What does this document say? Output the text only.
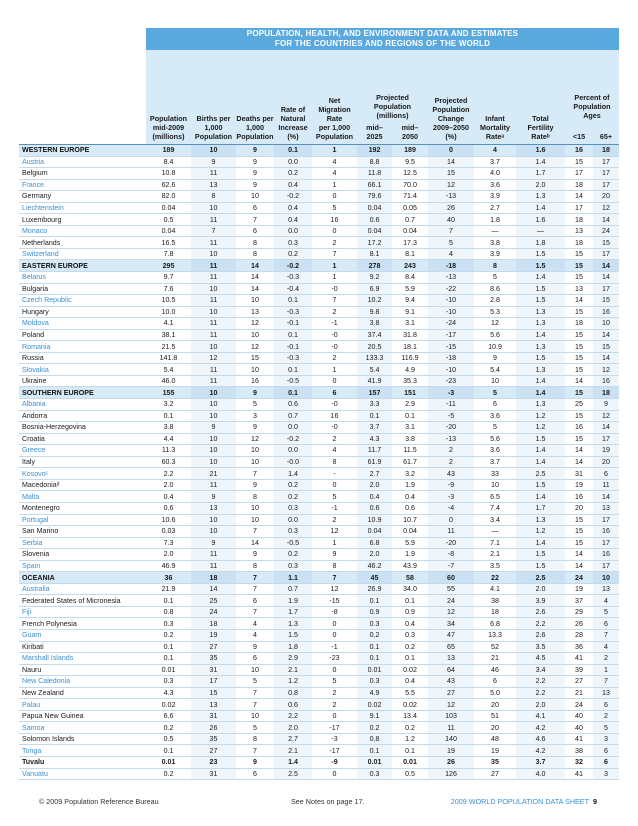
POPULATION, HEALTH, AND ENVIRONMENT DATA AND ESTIMATES
FOR THE COUNTRIES AND REGIONS OF THE WORLD
Population
mid-2009
(millions)
Births per
1,000
Population
Deaths per
1,000
Population
Rate of
Natural
Increase
(%)
Net
Migration
Rate
per 1,000
Population
Projected
Population
(millions)
mid–
2025
mid–
2050
Projected
Population
Change
2009–2050
(%)
Infant
Mortality
Rateᵃ
Total
Fertility
Rateᵇ
Percent of
Population
Ages
<15	65+
WESTERN EUROPE	189	10	9	0.1	1	192	189	0	4	1.6	16	18
Austria	8.4	9	9	0.0	4	8.8	9.5	14	3.7	1.4	15	17
Belgium	10.8	11	9	0.2	4	11.8	12.5	15	4.0	1.7	17	17
France	62.6	13	9	0.4	1	66.1	70.0	12	3.6	2.0	18	17
Germany	82.0	8	10	-0.2	0	79.6	71.4	-13	3.9	1.3	14	20
Liechtenstein	0.04	10	6	0.4	5	0.04	0.05	26	2.7	1.4	17	12
Luxembourg	0.5	11	7	0.4	16	0.6	0.7	40	1.8	1.6	18	14
Monaco	0.04	7	6	0.0	0	0.04	0.04	7	—	—	13	24
Netherlands	16.5	11	8	0.3	2	17.2	17.3	5	3.8	1.8	18	15
Switzerland	7.8	10	8	0.2	7	8.1	8.1	4	3.9	1.5	15	17
EASTERN EUROPE	295	11	14	-0.2	1	278	243	-18	8	1.5	15	14
Belarus	9.7	11	14	-0.3	1	9.2	8.4	-13	5	1.4	15	14
Bulgaria	7.6	10	14	-0.4	-0	6.9	5.9	-22	8.6	1.5	13	17
Czech Republic	10.5	11	10	0.1	7	10.2	9.4	-10	2.8	1.5	14	15
Hungary	10.0	10	13	-0.3	2	9.8	9.1	-10	5.3	1.3	15	16
Moldova	4.1	11	12	-0.1	-1	3.8	3.1	-24	12	1.3	18	10
Poland	38.1	11	10	0.1	-0	37.4	31.8	-17	5.6	1.4	15	14
Romania	21.5	10	12	-0.1	-0	20.5	18.1	-15	10.9	1.3	15	15
Russia	141.8	12	15	-0.3	2	133.3	116.9	-18	9	1.5	15	14
Slovakia	5.4	11	10	0.1	1	5.4	4.9	-10	5.4	1.3	15	12
Ukraine	46.0	11	16	-0.5	0	41.9	35.3	-23	10	1.4	14	16
SOUTHERN EUROPE	155	10	9	0.1	6	157	151	-3	5	1.4	15	18
Albania	3.2	10	5	0.6	-0	3.3	2.9	-11	6	1.3	25	9
Andorra	0.1	10	3	0.7	16	0.1	0.1	-5	3.6	1.2	15	12
Bosnia-Herzegovina	3.8	9	9	0.0	-0	3.7	3.1	-20	5	1.2	16	14
Croatia	4.4	10	12	-0.2	2	4.3	3.8	-13	5.6	1.5	15	17
Greece	11.3	10	10	0.0	4	11.7	11.5	2	3.6	1.4	14	19
Italy	60.3	10	10	-0.0	8	61.9	61.7	2	3.7	1.4	14	20
Kosovoᶜ	2.2	21	7	1.4	-	2.7	3.2	43	33	2.5	31	6
Macedoniaᵈ	2.0	11	9	0.2	0	2.0	1.9	-9	10	1.5	19	11
Malta	0.4	9	8	0.2	5	0.4	0.4	-3	6.5	1.4	16	14
Montenegro	0.6	13	10	0.3	-1	0.6	0.6	-4	7.4	1.7	20	13
Portugal	10.6	10	10	0.0	2	10.9	10.7	0	3.4	1.3	15	17
San Marino	0.03	10	7	0.3	12	0.04	0.04	11	—	1.2	15	16
Serbia	7.3	9	14	-0.5	1	6.8	5.9	-20	7.1	1.4	15	17
Slovenia	2.0	11	9	0.2	9	2.0	1.9	-8	2.1	1.5	14	16
Spain	46.9	11	8	0.3	8	46.2	43.9	-7	3.5	1.5	14	17
OCEANIA	36	18	7	1.1	7	45	58	60	22	2.5	24	10
Australia	21.9	14	7	0.7	12	26.9	34.0	55	4.1	2.0	19	13
Federated States of Micronesia	0.1	25	6	1.9	-15	0.1	0.1	24	38	3.9	37	4
Fiji	0.8	24	7	1.7	-8	0.9	0.9	12	18	2.6	29	5
French Polynesia	0.3	18	4	1.3	0	0.3	0.4	34	6.8	2.2	26	6
Guam	0.2	19	4	1.5	0	0.2	0.3	47	13.3	2.6	28	7
Kiribati	0.1	27	9	1.8	-1	0.1	0.2	65	52	3.5	36	4
Marshall Islands	0.1	35	6	2.9	-23	0.1	0.1	13	21	4.5	41	2
Nauru	0.01	31	10	2.1	0	0.01	0.02	64	46	3.4	39	1
New Caledonia	0.3	17	5	1.2	5	0.3	0.4	43	6	2.2	27	7
New Zealand	4.3	15	7	0.8	2	4.9	5.5	27	5.0	2.2	21	13
Palau	0.02	13	7	0.6	2	0.02	0.02	12	20	2.0	24	6
Papua New Guinea	6.6	31	10	2.2	0	9.1	13.4	103	51	4.1	40	2
Samoa	0.2	26	5	2.0	-17	0.2	0.2	11	20	4.2	40	5
Solomon Islands	0.5	35	8	2.7	-3	0.8	1.2	140	48	4.6	41	3
Tonga	0.1	27	7	2.1	-17	0.1	0.1	19	19	4.2	38	6
Tuvalu	0.01	23	9	1.4	-9	0.01	0.01	26	35	3.7	32	6
Vanuatu	0.2	31	6	2.5	0	0.3	0.5	126	27	4.0	41	3
© 2009 Population Reference Bureau	See Notes on page 17.	2009 WORLD POPULATION DATA SHEET 9
